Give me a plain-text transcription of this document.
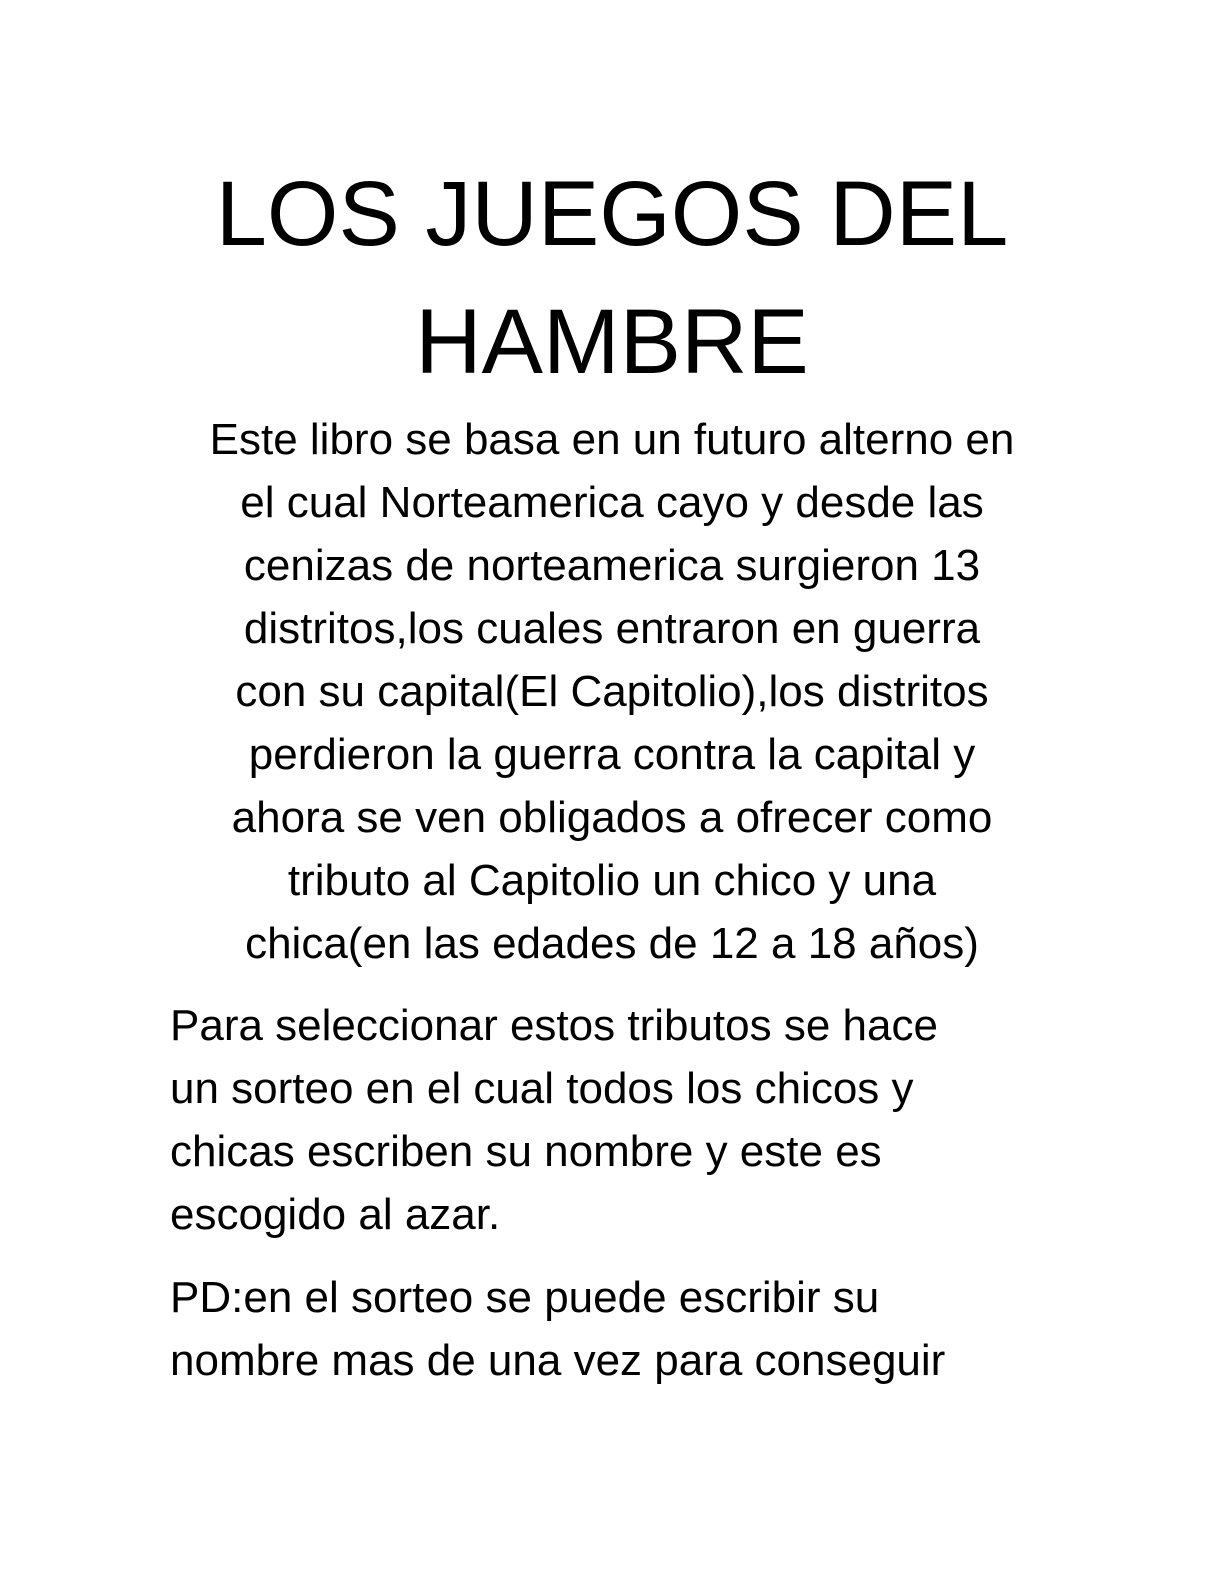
LOS JUEGOS DEL
HAMBRE

Este libro se basa en un futuro alterno en
el cual Norteamerica cayo y desde las
cenizas de norteamerica surgieron 13
distritos,los cuales entraron en guerra
con su capital(El Capitolio),los distritos
perdieron la guerra contra la capital y
ahora se ven obligados a ofrecer como
tributo al Capitolio un chico y una
chica(en las edades de 12 a 18 años)

Para seleccionar estos tributos se hace
un sorteo en el cual todos los chicos y
chicas escriben su nombre y este es
escogido al azar.

PD:en el sorteo se puede escribir su
nombre mas de una vez para conseguir
